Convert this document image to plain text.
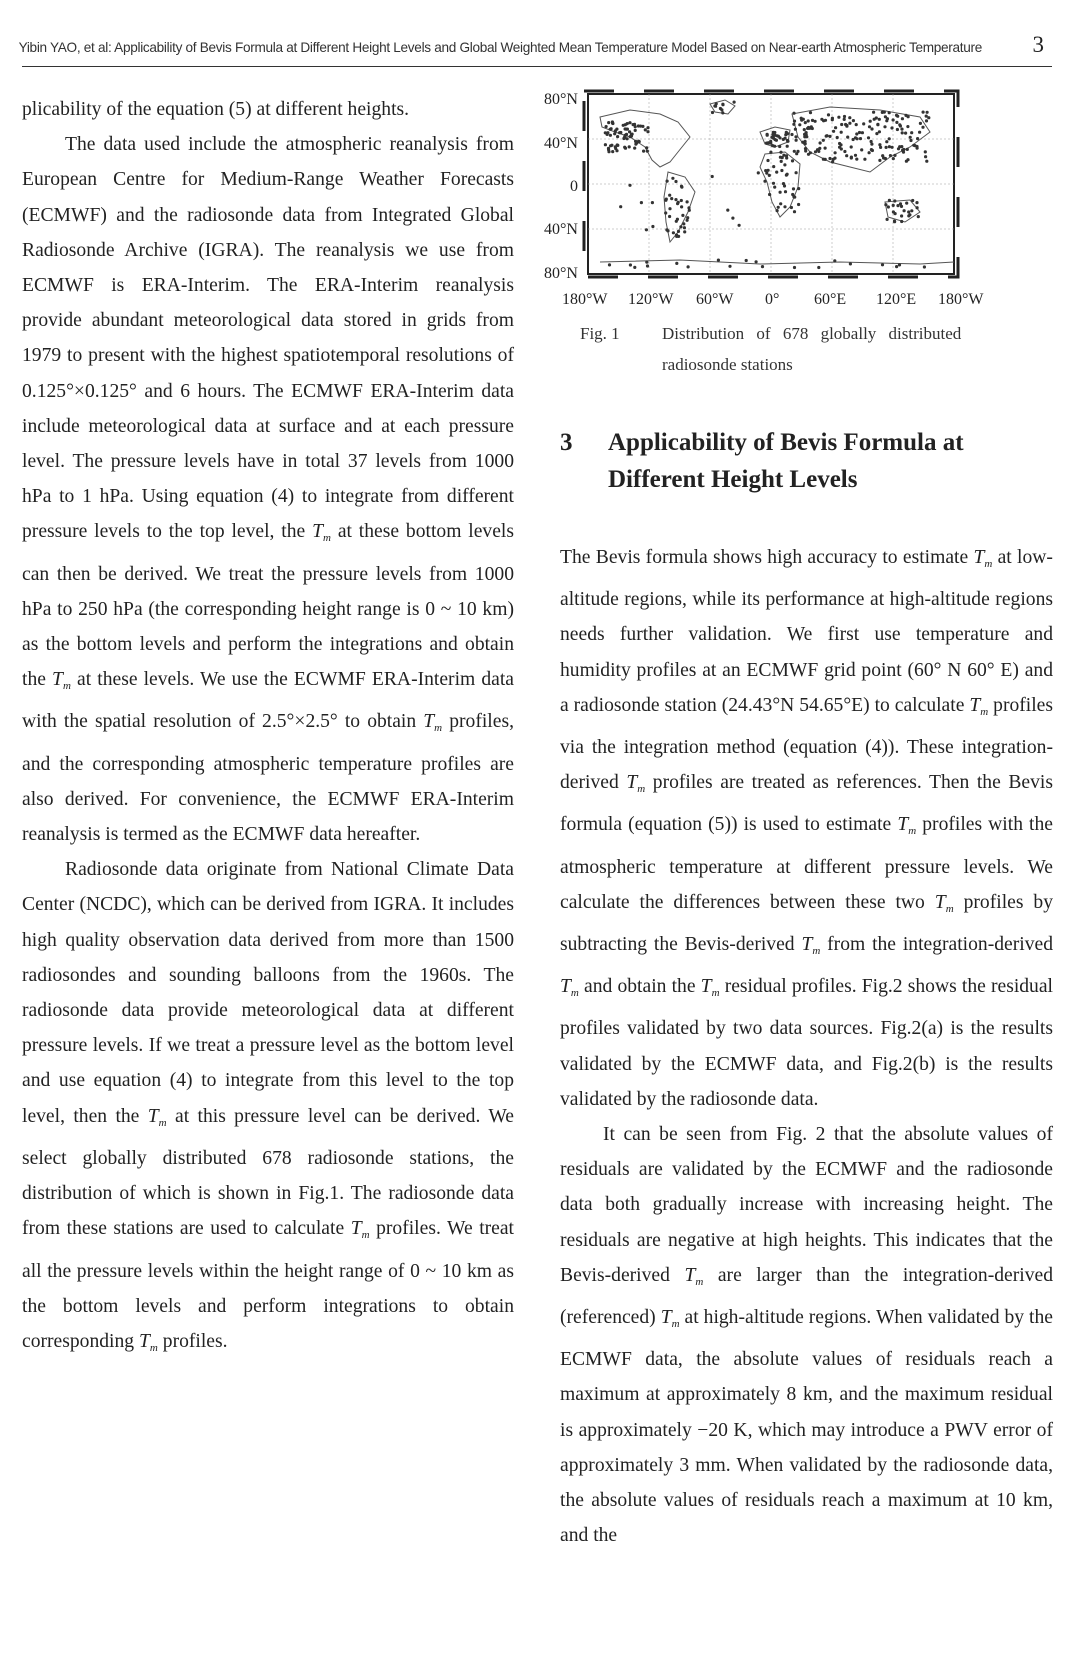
Yibin YAO, et al: Applicability of Bevis Formula at Different Height Levels and Global Weighted Mean Temperature Model Based on Near-earth Atmospheric Temperature 3

plicability of the equation (5) at different heights.

The data used include the atmospheric reanalysis from European Centre for Medium-Range Weather Forecasts (ECMWF) and the radiosonde data from Integrated Global Radiosonde Archive (IGRA). The reanalysis we use from ECMWF is ERA-Interim. The ERA-Interim reanalysis provide abundant meteorological data stored in grids from 1979 to present with the highest spatiotemporal resolutions of 0.125°×0.125° and 6 hours. The ECMWF ERA-Interim data include meteorological data at surface and at each pressure level. The pressure levels have in total 37 levels from 1000 hPa to 1 hPa. Using equation (4) to integrate from different pressure levels to the top level, the $T_m$ at these bottom levels can then be derived. We treat the pressure levels from 1000 hPa to 250 hPa (the corresponding height range is 0 ~ 10 km) as the bottom levels and perform the integrations and obtain the $T_m$ at these levels. We use the ECWMF ERA-Interim data with the spatial resolution of 2.5°×2.5° to obtain $T_m$ profiles, and the corresponding atmospheric temperature profiles are also derived. For convenience, the ECMWF ERA-Interim reanalysis is termed as the ECMWF data hereafter.

Radiosonde data originate from National Climate Data Center (NCDC), which can be derived from IGRA. It includes high quality observation data derived from more than 1500 radiosondes and sounding balloons from the 1960s. The radiosonde data provide meteorological data at different pressure levels. If we treat a pressure level as the bottom level and use equation (4) to integrate from this level to the top level, then the $T_m$ at this pressure level can be derived. We select globally distributed 678 radiosonde stations, the distribution of which is shown in Fig.1. The radiosonde data from these stations are used to calculate $T_m$ profiles. We treat all the pressure levels within the height range of 0 ~ 10 km as the bottom levels and perform integrations to obtain corresponding $T_m$ profiles.

80°N
40°N
0
40°N
80°N
180°W 120°W 60°W 0° 60°E 120°E 180°W
Fig. 1 Distribution of 678 globally distributed
radiosonde stations
3 Applicability of Bevis Formula at Different Height Levels

The Bevis formula shows high accuracy to estimate $T_m$ at low-altitude regions, while its performance at high-altitude regions needs further validation. We first use temperature and humidity profiles at an ECMWF grid point (60° N 60° E) and a radiosonde station (24.43°N 54.65°E) to calculate $T_m$ profiles via the integration method (equation (4)). These integration-derived $T_m$ profiles are treated as references. Then the Bevis formula (equation (5)) is used to estimate $T_m$ profiles with the atmospheric temperature at different pressure levels. We calculate the differences between these two $T_m$ profiles by subtracting the Bevis-derived $T_m$ from the integration-derived $T_m$ and obtain the $T_m$ residual profiles. Fig.2 shows the residual profiles validated by two data sources. Fig.2(a) is the results validated by the ECMWF data, and Fig.2(b) is the results validated by the radiosonde data.

It can be seen from Fig. 2 that the absolute values of residuals are validated by the ECMWF and the radiosonde data both gradually increase with increasing height. The residuals are negative at high heights. This indicates that the Bevis-derived $T_m$ are larger than the integration-derived (referenced) $T_m$ at high-altitude regions. When validated by the ECMWF data, the absolute values of residuals reach a maximum at approximately 8 km, and the maximum residual is approximately −20 K, which may introduce a PWV error of approximately 3 mm. When validated by the radiosonde data, the absolute values of residuals reach a maximum at 10 km, and the
